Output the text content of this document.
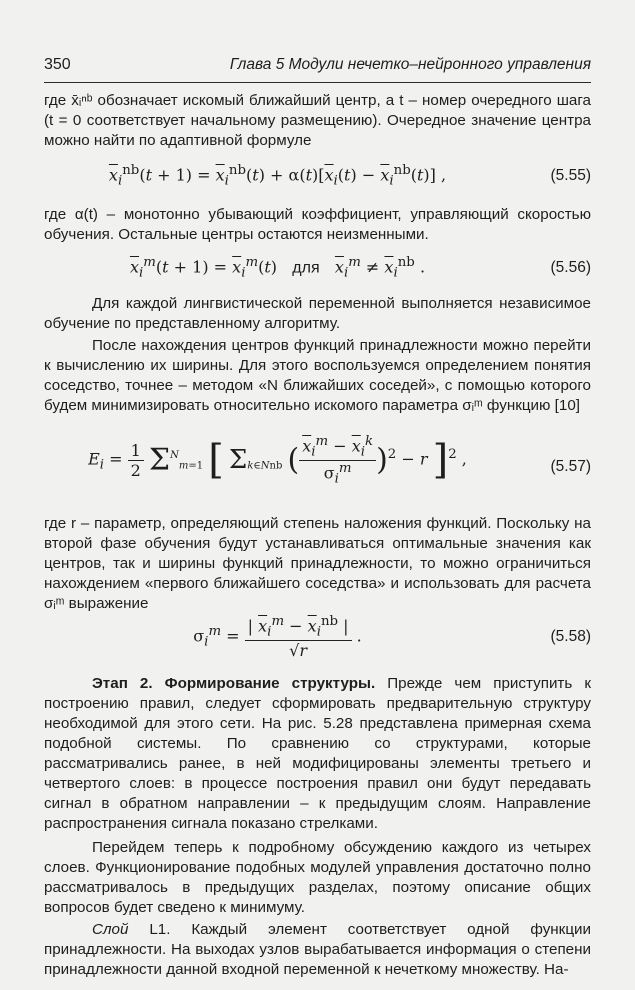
350	Глава 5 Модули нечетко–нейронного управления

где x̄ᵢⁿᵇ обозначает искомый ближайший центр, а t – номер очередного шага (t = 0 соответствует начальному размещению). Очередное значение центра можно найти по адаптивной формуле

$\overline{x}_i^{nb}(t + 1) = \overline{x}_i^{nb}(t) + \alpha(t)[\overline{x}_i(t) - \overline{x}_i^{nb}(t)]$ ,	(5.55)

где α(t) – монотонно убывающий коэффициент, управляющий скоростью обучения. Остальные центры остаются неизменными.

$\overline{x}_i^m(t + 1) = \overline{x}_i^m(t)$   для $\overline{x}_i^m \ne \overline{x}_i^{nb}$ .	(5.56)

Для каждой лингвистической переменной выполняется независимое обучение по представленному алгоритму.

После нахождения центров функций принадлежности можно перейти к вычислению их ширины. Для этого воспользуемся определением понятия соседство, точнее – методом «N ближайших соседей», с помощью которого будем минимизировать относительно искомого параметра σᵢᵐ функцию [10]

$E_i = \frac{1}{2} \Sigma^N_{m=1}$ [ $\Sigma_{k\in Nnb}$ ( $\frac{\overline{x}_i^m - \overline{x}_i^k}{\sigma_i^m} )^2 - r$ ]$^2$ ,	(5.57)

где r – параметр, определяющий степень наложения функций. Поскольку на второй фазе обучения будут устанавливаться оптимальные значения как центров, так и ширины функций принадлежности, то можно ограничиться нахождением «первого ближайшего соседства» и использовать для расчета σᵢᵐ выражение

$\sigma_i^m = \frac{| \overline{x}_i^m - \overline{x}_i^{nb} |}{√r}$ .	(5.58)

Этап 2. Формирование структуры. Прежде чем приступить к построению правил, следует сформировать предварительную структуру необходимой для этого сети. На рис. 5.28 представлена примерная схема подобной системы. По сравнению со структурами, которые рассматривались ранее, в ней модифицированы элементы третьего и четвертого слоев: в процессе построения правил они будут передавать сигнал в обратном направлении – к предыдущим слоям. Направление распространения сигнала показано стрелками.

Перейдем теперь к подробному обсуждению каждого из четырех слоев. Функционирование подобных модулей управления достаточно полно рассматривалось в предыдущих разделах, поэтому описание общих вопросов будет сведено к минимуму.

Слой L1. Каждый элемент соответствует одной функции принадлежности. На выходах узлов вырабатывается информация о степени принадлежности данной входной переменной к нечеткому множеству. На-
